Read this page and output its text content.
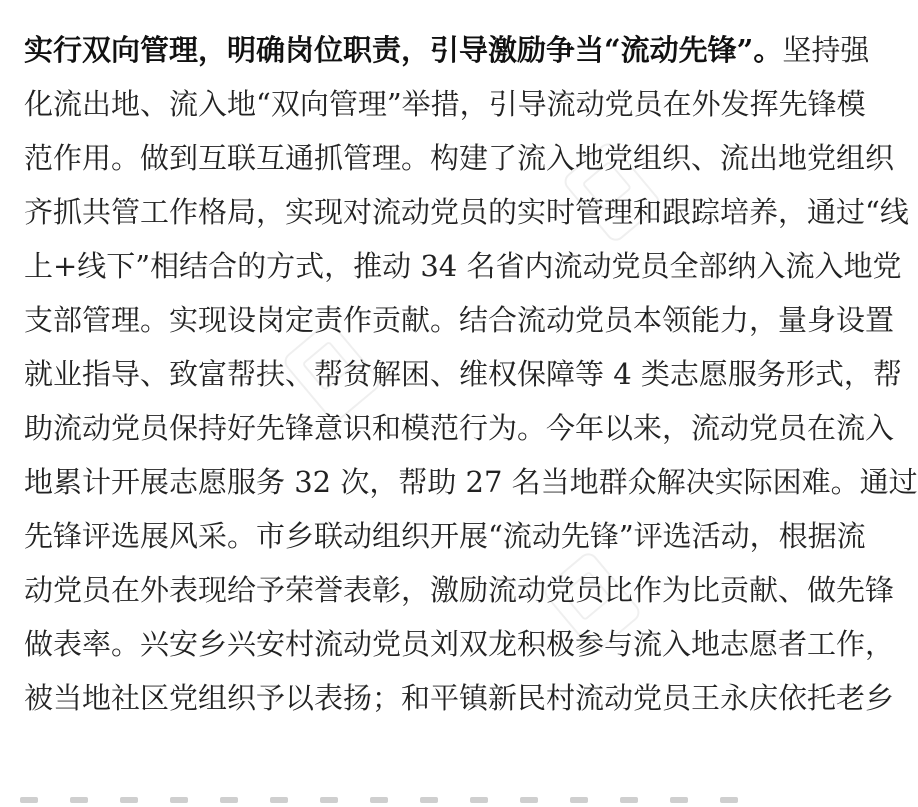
实行双向管理，明确岗位职责，引导激励争当“流动先锋”。坚持强
化流出地、流入地“双向管理”举措，引导流动党员在外发挥先锋模
范作用。做到互联互通抓管理。构建了流入地党组织、流出地党组织
齐抓共管工作格局，实现对流动党员的实时管理和跟踪培养，通过“线
上+线下”相结合的方式，推动 34 名省内流动党员全部纳入流入地党
支部管理。实现设岗定责作贡献。结合流动党员本领能力，量身设置
就业指导、致富帮扶、帮贫解困、维权保障等 4 类志愿服务形式，帮
助流动党员保持好先锋意识和模范行为。今年以来，流动党员在流入
地累计开展志愿服务 32 次，帮助 27 名当地群众解决实际困难。通过
先锋评选展风采。市乡联动组织开展“流动先锋”评选活动，根据流
动党员在外表现给予荣誉表彰，激励流动党员比作为比贡献、做先锋
做表率。兴安乡兴安村流动党员刘双龙积极参与流入地志愿者工作，
被当地社区党组织予以表扬；和平镇新民村流动党员王永庆依托老乡
